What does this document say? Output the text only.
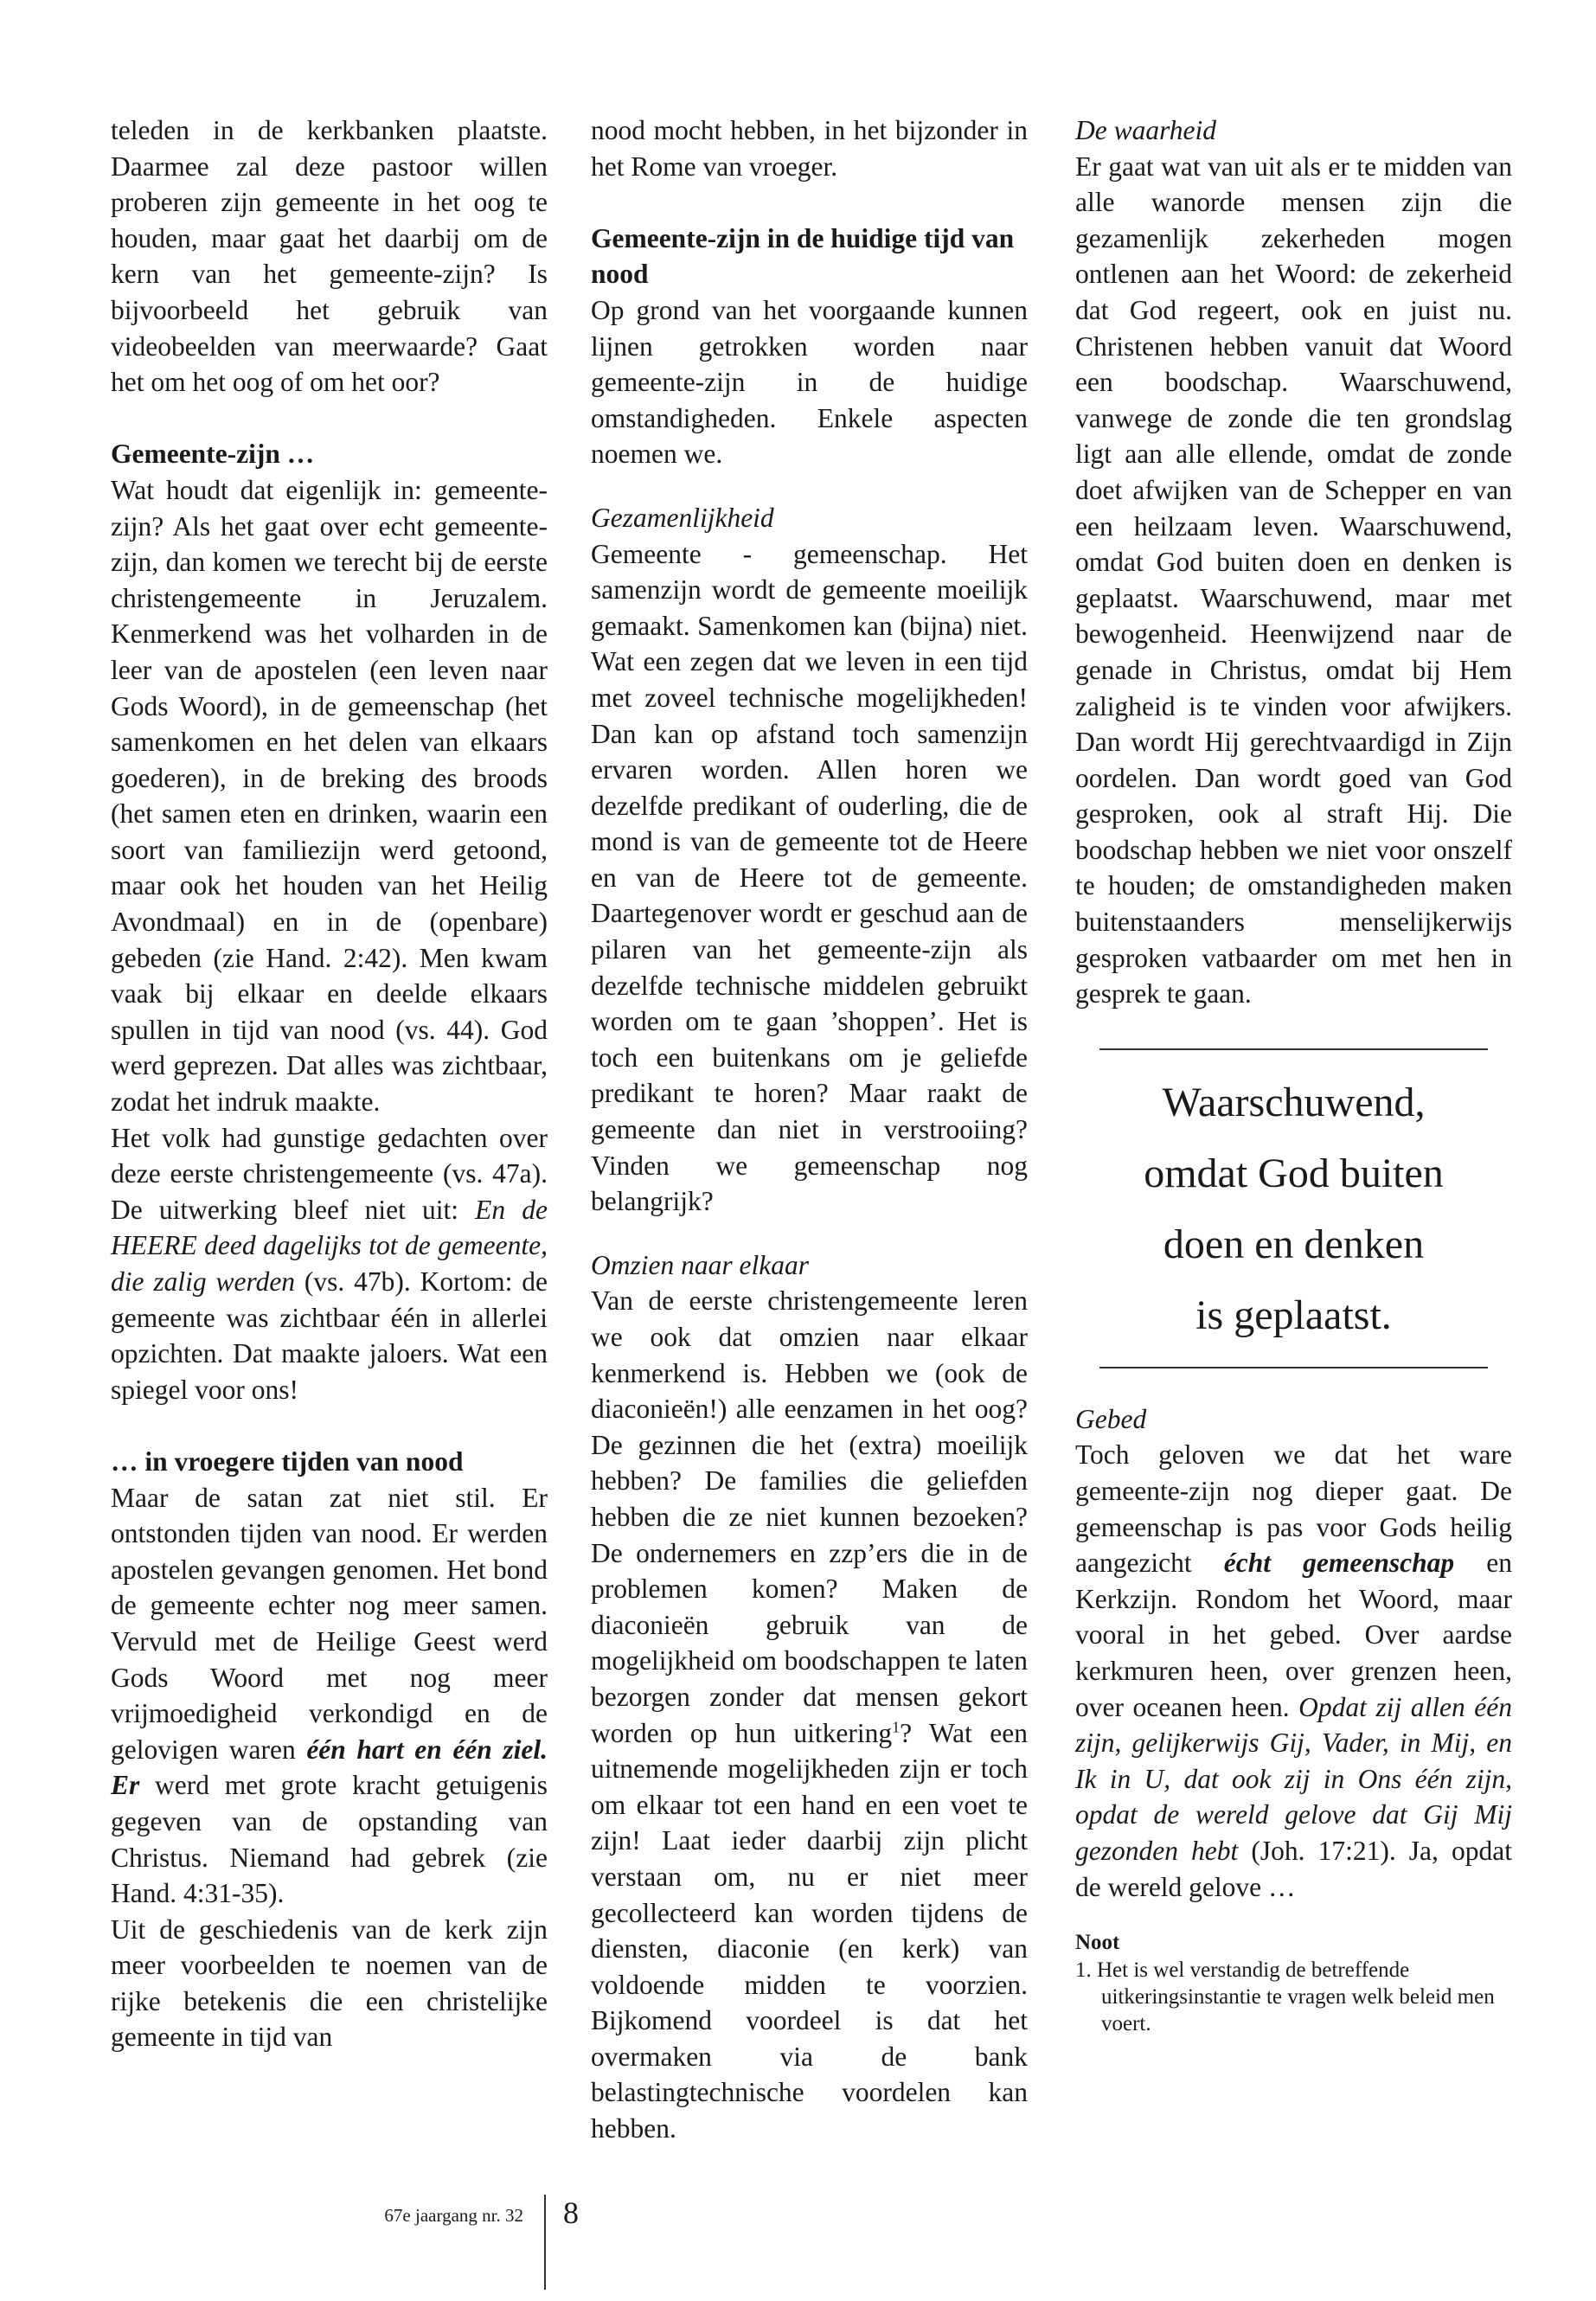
teleden in de kerkbanken plaatste. Daarmee zal deze pastoor willen proberen zijn gemeente in het oog te houden, maar gaat het daarbij om de kern van het gemeente-zijn? Is bijvoorbeeld het gebruik van videobeelden van meerwaarde? Gaat het om het oog of om het oor?

Gemeente-zijn …

Wat houdt dat eigenlijk in: gemeente-zijn? Als het gaat over echt gemeente-zijn, dan komen we terecht bij de eerste christengemeente in Jeruzalem. Kenmerkend was het volharden in de leer van de apostelen (een leven naar Gods Woord), in de gemeenschap (het samenkomen en het delen van elkaars goederen), in de breking des broods (het samen eten en drinken, waarin een soort van familiezijn werd getoond, maar ook het houden van het Heilig Avondmaal) en in de (openbare) gebeden (zie Hand. 2:42). Men kwam vaak bij elkaar en deelde elkaars spullen in tijd van nood (vs. 44). God werd geprezen. Dat alles was zichtbaar, zodat het indruk maakte.

Het volk had gunstige gedachten over deze eerste christengemeente (vs. 47a). De uitwerking bleef niet uit: En de HEERE deed dagelijks tot de gemeente, die zalig werden (vs. 47b). Kortom: de gemeente was zichtbaar één in allerlei opzichten. Dat maakte jaloers. Wat een spiegel voor ons!

… in vroegere tijden van nood

Maar de satan zat niet stil. Er ontstonden tijden van nood. Er werden apostelen gevangen genomen. Het bond de gemeente echter nog meer samen. Vervuld met de Heilige Geest werd Gods Woord met nog meer vrijmoedigheid verkondigd en de gelovigen waren één hart en één ziel. Er werd met grote kracht getuigenis gegeven van de opstanding van Christus. Niemand had gebrek (zie Hand. 4:31-35).

Uit de geschiedenis van de kerk zijn meer voorbeelden te noemen van de rijke betekenis die een christelijke gemeente in tijd van

nood mocht hebben, in het bijzonder in het Rome van vroeger.

Gemeente-zijn in de huidige tijd van nood

Op grond van het voorgaande kunnen lijnen getrokken worden naar gemeente-zijn in de huidige omstandigheden. Enkele aspecten noemen we.

Gezamenlijkheid

Gemeente - gemeenschap. Het samenzijn wordt de gemeente moeilijk gemaakt. Samenkomen kan (bijna) niet. Wat een zegen dat we leven in een tijd met zoveel technische mogelijkheden! Dan kan op afstand toch samenzijn ervaren worden. Allen horen we dezelfde predikant of ouderling, die de mond is van de gemeente tot de Heere en van de Heere tot de gemeente. Daartegenover wordt er geschud aan de pilaren van het gemeente-zijn als dezelfde technische middelen gebruikt worden om te gaan ’shoppen’. Het is toch een buitenkans om je geliefde predikant te horen? Maar raakt de gemeente dan niet in verstrooiing? Vinden we gemeenschap nog belangrijk?

Omzien naar elkaar

Van de eerste christengemeente leren we ook dat omzien naar elkaar kenmerkend is. Hebben we (ook de diaconieën!) alle eenzamen in het oog? De gezinnen die het (extra) moeilijk hebben? De families die geliefden hebben die ze niet kunnen bezoeken? De ondernemers en zzp’ers die in de problemen komen? Maken de diaconieën gebruik van de mogelijkheid om boodschappen te laten bezorgen zonder dat mensen gekort worden op hun uitkering$^1$? Wat een uitnemende mogelijkheden zijn er toch om elkaar tot een hand en een voet te zijn! Laat ieder daarbij zijn plicht verstaan om, nu er niet meer gecollecteerd kan worden tijdens de diensten, diaconie (en kerk) van voldoende midden te voorzien. Bijkomend voordeel is dat het overmaken via de bank belastingtechnische voordelen kan hebben.

De waarheid

Er gaat wat van uit als er te midden van alle wanorde mensen zijn die gezamenlijk zekerheden mogen ontlenen aan het Woord: de zekerheid dat God regeert, ook en juist nu. Christenen hebben vanuit dat Woord een boodschap. Waarschuwend, vanwege de zonde die ten grondslag ligt aan alle ellende, omdat de zonde doet afwijken van de Schepper en van een heilzaam leven. Waarschuwend, omdat God buiten doen en denken is geplaatst. Waarschuwend, maar met bewogenheid. Heenwijzend naar de genade in Christus, omdat bij Hem zaligheid is te vinden voor afwijkers. Dan wordt Hij gerechtvaardigd in Zijn oordelen. Dan wordt goed van God gesproken, ook al straft Hij. Die boodschap hebben we niet voor onszelf te houden; de omstandigheden maken buitenstaanders menselijkerwijs gesproken vatbaarder om met hen in gesprek te gaan.

Waarschuwend,
omdat God buiten
doen en denken
is geplaatst.
Gebed

Toch geloven we dat het ware gemeente-zijn nog dieper gaat. De gemeenschap is pas voor Gods heilig aangezicht écht gemeenschap en Kerkzijn. Rondom het Woord, maar vooral in het gebed. Over aardse kerkmuren heen, over grenzen heen, over oceanen heen. Opdat zij allen één zijn, gelijkerwijs Gij, Vader, in Mij, en Ik in U, dat ook zij in Ons één zijn, opdat de wereld gelove dat Gij Mij gezonden hebt (Joh. 17:21). Ja, opdat de wereld gelove …

Noot

1. Het is wel verstandig de betreffende uitkeringsinstantie te vragen welk beleid men voert.

67e jaargang nr. 32 8
